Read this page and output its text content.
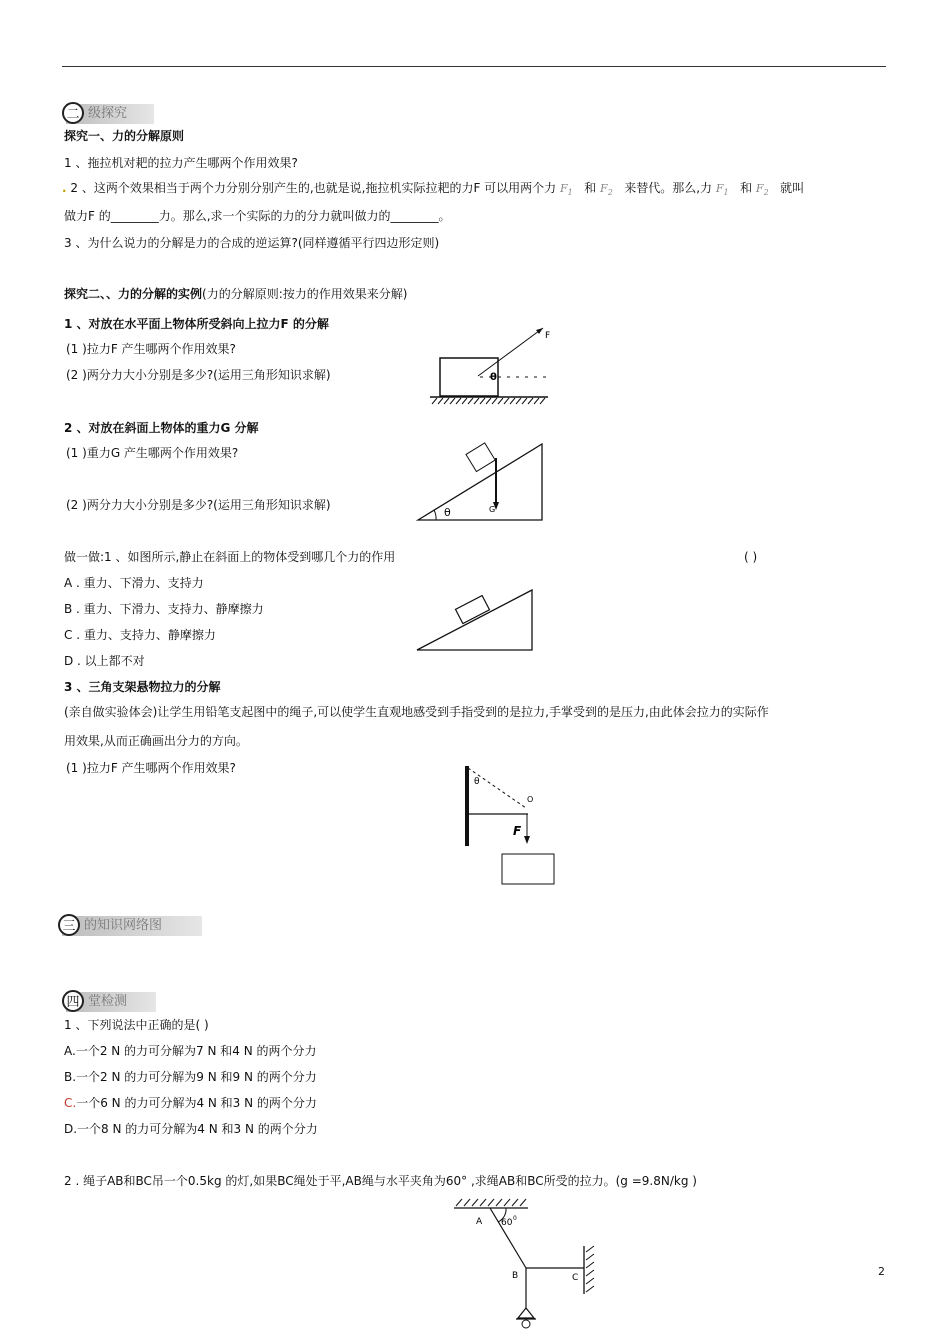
二 级探究
探究一、力的分解原则
1 、拖拉机对耙的拉力产生哪两个作用效果?
. 2 、这两个效果相当于两个力分别分别产生的,也就是说,拖拉机实际拉耙的力F 可以用两个力 $F_1$ 和 $F_2$ 来替代。那么,力 $F_1$ 和 $F_2$ 就叫
做力F 的________力。那么,求一个实际的力的分力就叫做力的________。
3 、为什么说力的分解是力的合成的逆运算?(同样遵循平行四边形定则)
探究二、、力的分解的实例(力的分解原则:按力的作用效果来分解)
1 、对放在水平面上物体所受斜向上拉力F 的分解
(1 )拉力F 产生哪两个作用效果?
(2 )两分力大小分别是多少?(运用三角形知识求解)
F
θ
2 、对放在斜面上物体的重力G 分解
(1 )重力G 产生哪两个作用效果?
(2 )两分力大小分别是多少?(运用三角形知识求解)
θ	G
做一做:1 、如图所示,静止在斜面上的物体受到哪几个力的作用	( )
A . 重力、下滑力、支持力
B . 重力、下滑力、支持力、静摩擦力
C . 重力、支持力、静摩擦力
D . 以上都不对
3 、三角支架悬物拉力的分解
(亲自做实验体会)让学生用铅笔支起图中的绳子,可以使学生直观地感受到手指受到的是拉力,手掌受到的是压力,由此体会拉力的实际作
用效果,从而正确画出分力的方向。
(1 )拉力F 产生哪两个作用效果?
θ
O
F
三 的知识网络图
四 堂检测
1 、下列说法中正确的是( )
A.一个2 N 的力可分解为7 N 和4 N 的两个分力
B.一个2 N 的力可分解为9 N 和9 N 的两个分力
C.一个6 N 的力可分解为4 N 和3 N 的两个分力
D.一个8 N 的力可分解为4 N 和3 N 的两个分力
2 . 绳子AB和BC吊一个0.5kg 的灯,如果BC绳处于平,AB绳与水平夹角为60° ,求绳AB和BC所受的拉力。(g =9.8N/kg )
A 60 0
B	C	2
